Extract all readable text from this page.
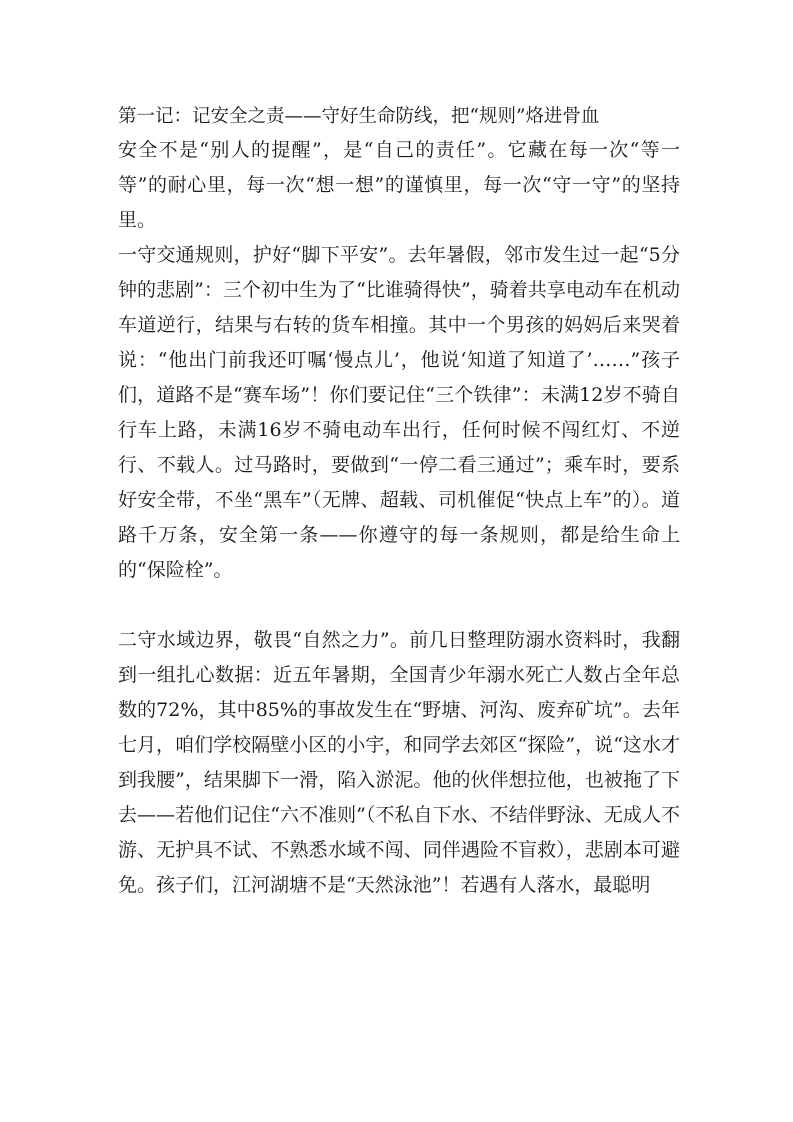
第一记：记安全之责——守好生命防线，把“规则”烙进骨血

安全不是“别人的提醒”，是“自己的责任”。它藏在每一次“等一等”的耐心里，每一次“想一想”的谨慎里，每一次“守一守”的坚持里。

一守交通规则，护好“脚下平安”。去年暑假，邻市发生过一起“5分钟的悲剧”：三个初中生为了“比谁骑得快”，骑着共享电动车在机动车道逆行，结果与右转的货车相撞。其中一个男孩的妈妈后来哭着说：“他出门前我还叮嘱‘慢点儿’，他说‘知道了知道了’……”孩子们，道路不是“赛车场”！你们要记住“三个铁律”：未满12岁不骑自行车上路，未满16岁不骑电动车出行，任何时候不闯红灯、不逆行、不载人。过马路时，要做到“一停二看三通过”；乘车时，要系好安全带，不坐“黑车”（无牌、超载、司机催促“快点上车”的）。道路千万条，安全第一条——你遵守的每一条规则，都是给生命上的“保险栓”。

二守水域边界，敬畏“自然之力”。前几日整理防溺水资料时，我翻到一组扎心数据：近五年暑期，全国青少年溺水死亡人数占全年总数的72%，其中85%的事故发生在“野塘、河沟、废弃矿坑”。去年七月，咱们学校隔壁小区的小宇，和同学去郊区“探险”，说“这水才到我腰”，结果脚下一滑，陷入淤泥。他的伙伴想拉他，也被拖了下去——若他们记住“六不准则”（不私自下水、不结伴野泳、无成人不游、无护具不试、不熟悉水域不闯、同伴遇险不盲救），悲剧本可避免。孩子们，江河湖塘不是“天然泳池”！若遇有人落水，最聪明
